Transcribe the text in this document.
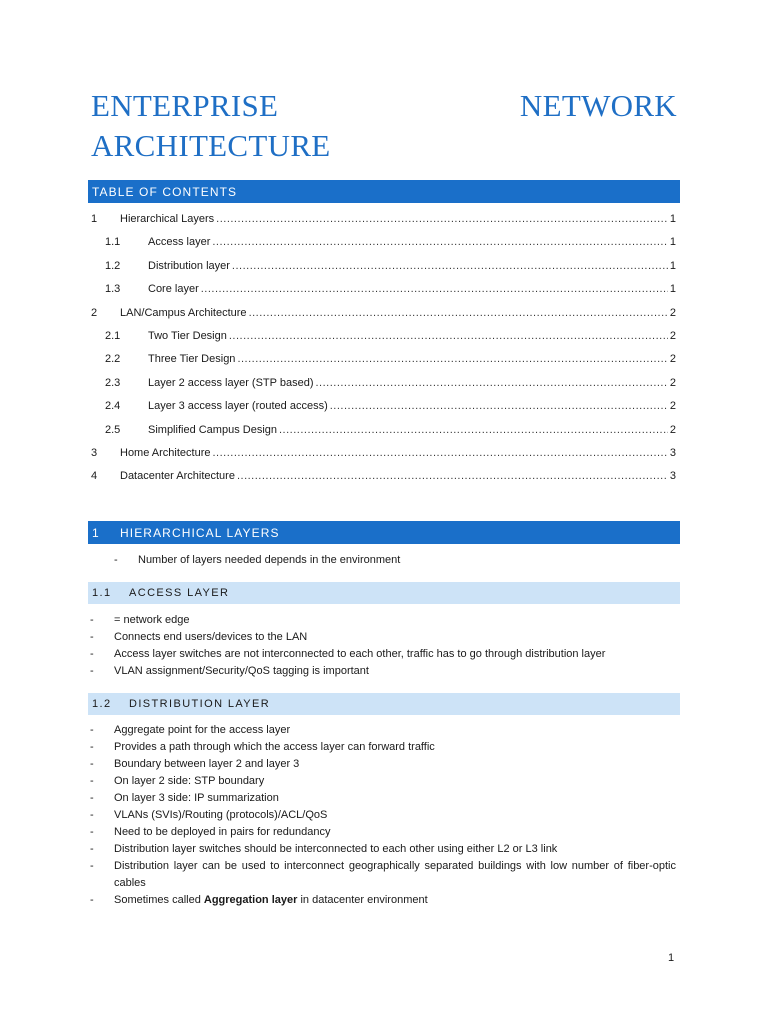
ENTERPRISE	NETWORK
ARCHITECTURE
TABLE OF CONTENTS
1	Hierarchical Layers .....	1
1.1	Access layer .....	1
1.2	Distribution layer .....	1
1.3	Core layer .....	1
2	LAN/Campus Architecture .....	2
2.1	Two Tier Design .....	2
2.2	Three Tier Design .....	2
2.3	Layer 2 access layer (STP based) .....	2
2.4	Layer 3 access layer (routed access) .....	2
2.5	Simplified Campus Design .....	2
3	Home Architecture .....	3
4	Datacenter Architecture .....	3
1	HIERARCHICAL LAYERS
-	Number of layers needed depends in the environment
1.1	ACCESS LAYER
-	= network edge
-	Connects end users/devices to the LAN
-	Access layer switches are not interconnected to each other, traffic has to go through distribution layer
-	VLAN assignment/Security/QoS tagging is important
1.2	DISTRIBUTION LAYER
-	Aggregate point for the access layer
-	Provides a path through which the access layer can forward traffic
-	Boundary between layer 2 and layer 3
-	On layer 2 side: STP boundary
-	On layer 3 side: IP summarization
-	VLANs (SVIs)/Routing (protocols)/ACL/QoS
-	Need to be deployed in pairs for redundancy
-	Distribution layer switches should be interconnected to each other using either L2 or L3 link
-	Distribution layer can be used to interconnect geographically separated buildings with low number of fiber-optic cables
-	Sometimes called Aggregation layer in datacenter environment
1
